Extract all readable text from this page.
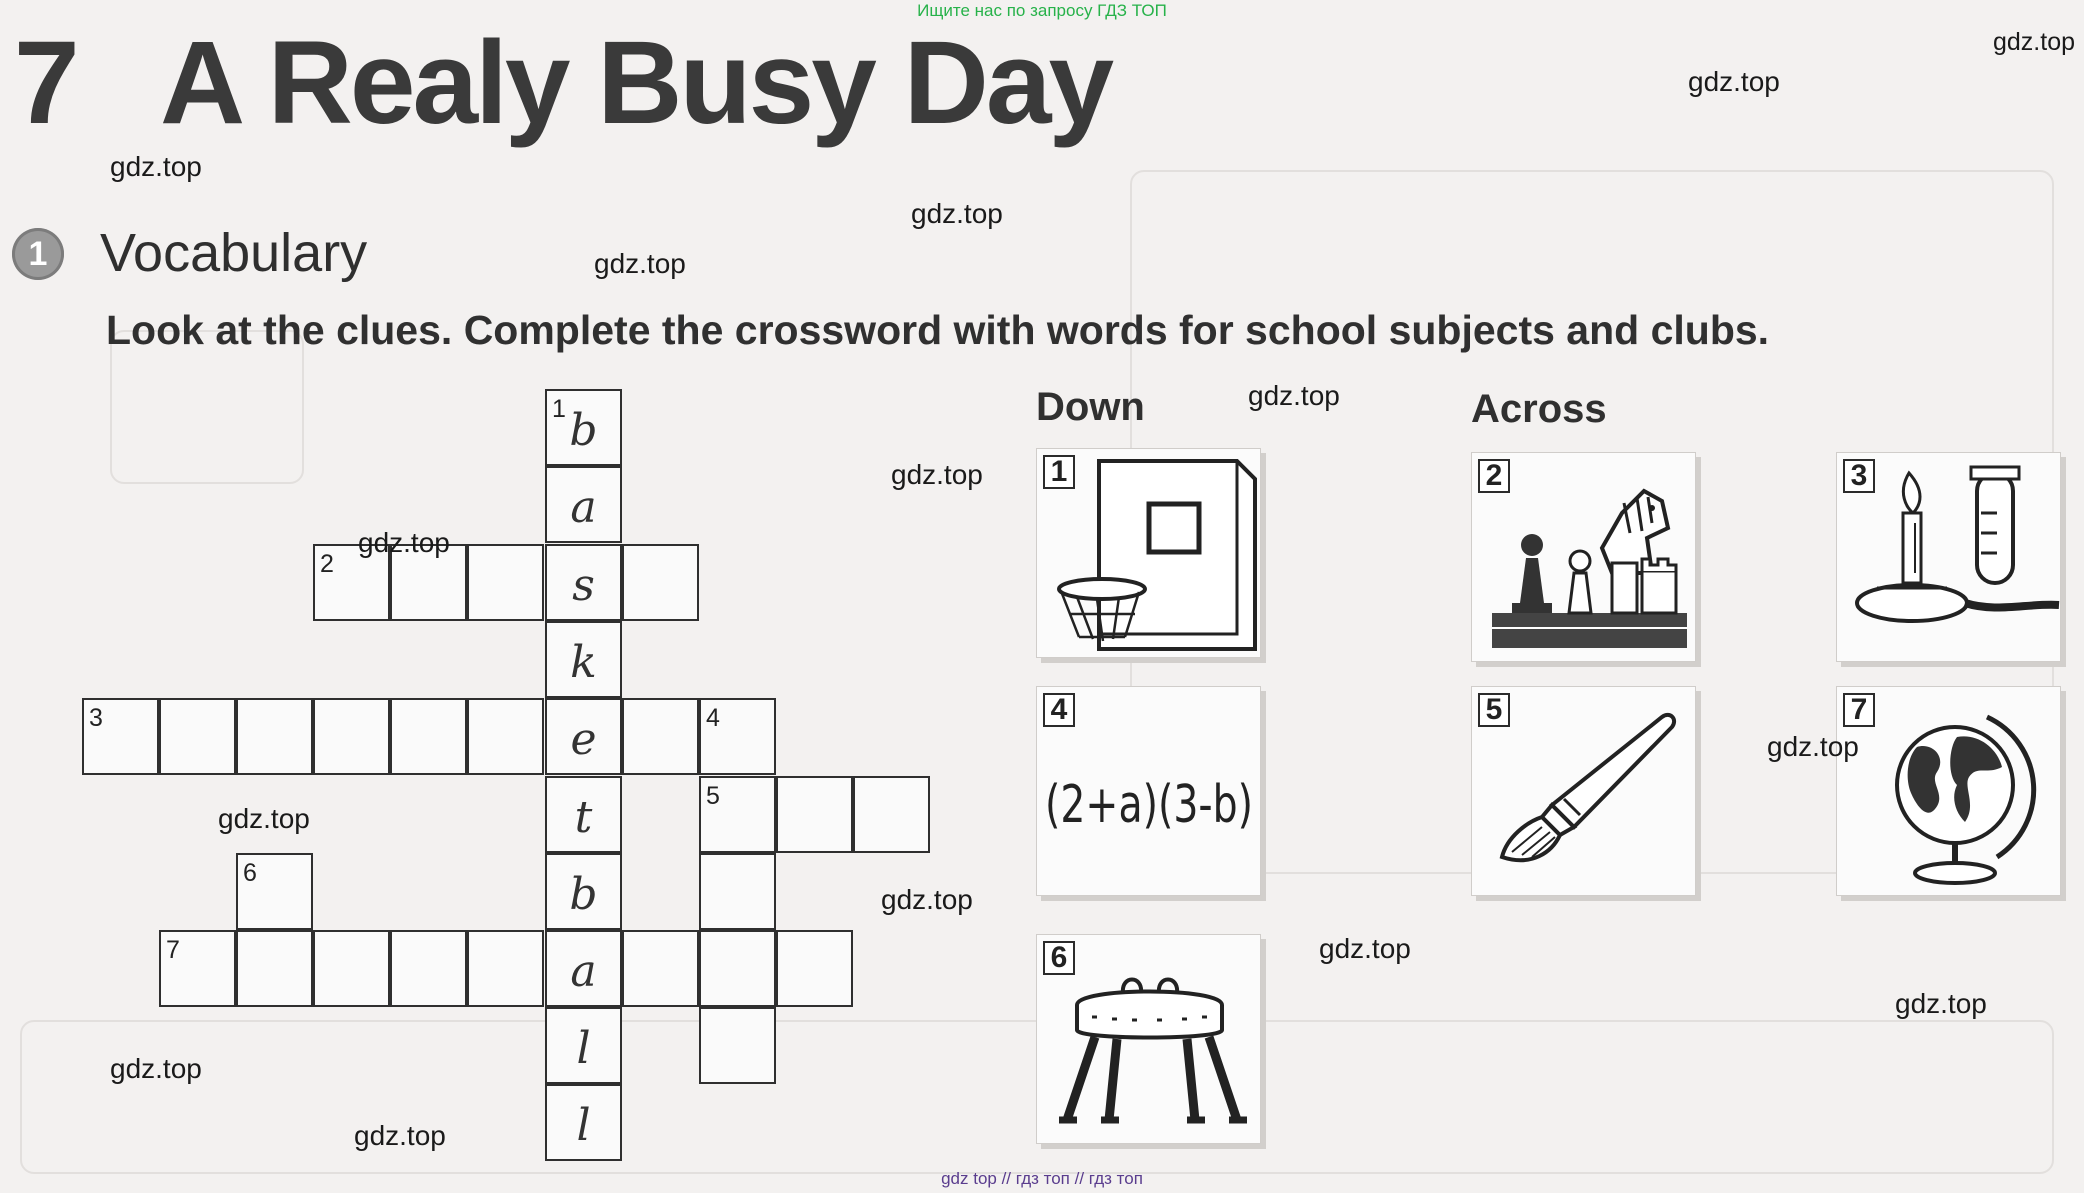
Ищите нас по запросу ГДЗ ТОП
7 A Realy Busy Day
1 Vocabulary
Look at the clues. Complete the crossword with words for school subjects and clubs.
1 b
a
s
k
e
t
b
a
l
l
2
3	4
5
6
7
Down	Across
1	2	3
4
(2+a)(3-b)
5	7
6
gdz.top
gdz.top
gdz.top
gdz.top
gdz.top
gdz.top
gdz.top
gdz.top
gdz.top
gdz.top
gdz.top
gdz.top
gdz.top
gdz.top
gdz.top
gdz top // гдз топ // гдз топ
